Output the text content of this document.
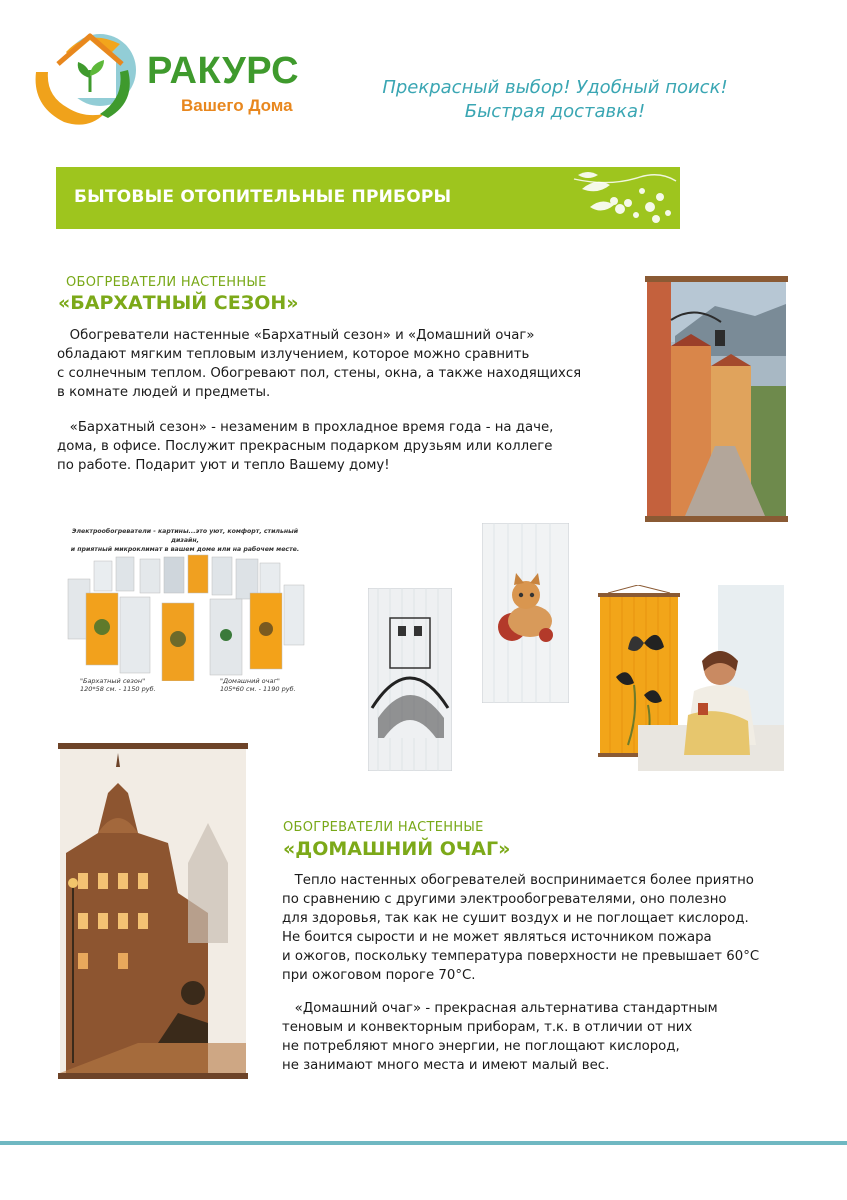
РАКУРС
Вашего Дома
Прекрасный выбор! Удобный поиск!
Быстрая доставка!
БЫТОВЫЕ ОТОПИТЕЛЬНЫЕ ПРИБОРЫ
ОБОГРЕВАТЕЛИ НАСТЕННЫЕ
«БАРХАТНЫЙ СЕЗОН»
Обогреватели настенные «Бархатный сезон» и «Домашний очаг»
обладают мягким тепловым излучением, которое можно сравнить
с солнечным теплом. Обогревают пол, стены, окна, а также находящихся
в комнате людей и предметы.
«Бархатный сезон» - незаменим в прохладное время года - на даче,
дома, в офисе. Послужит прекрасным подарком друзьям или коллеге
по работе. Подарит уют и тепло Вашему дому!
Электрообогреватели - картины...это уют, комфорт, стильный дизайн,
и приятный микроклимат в вашем доме или на рабочем месте.
"Бархатный сезон"
120*58 см. - 1150 руб.
"Домашний очаг"
105*60 см. - 1190 руб.
ОБОГРЕВАТЕЛИ НАСТЕННЫЕ
«ДОМАШНИЙ ОЧАГ»
Тепло настенных обогревателей воспринимается более приятно
по сравнению с другими электрообогревателями, оно полезно
для здоровья, так как не сушит воздух и не поглощает кислород.
Не боится сырости и не может являться источником пожара
и ожогов, поскольку температура поверхности не превышает 60°С
при ожоговом пороге 70°С.
«Домашний очаг» - прекрасная альтернатива стандартным
теновым и конвекторным приборам, т.к. в отличии от них
не потребляют много энергии, не поглощают кислород,
не занимают много места и имеют малый вес.
